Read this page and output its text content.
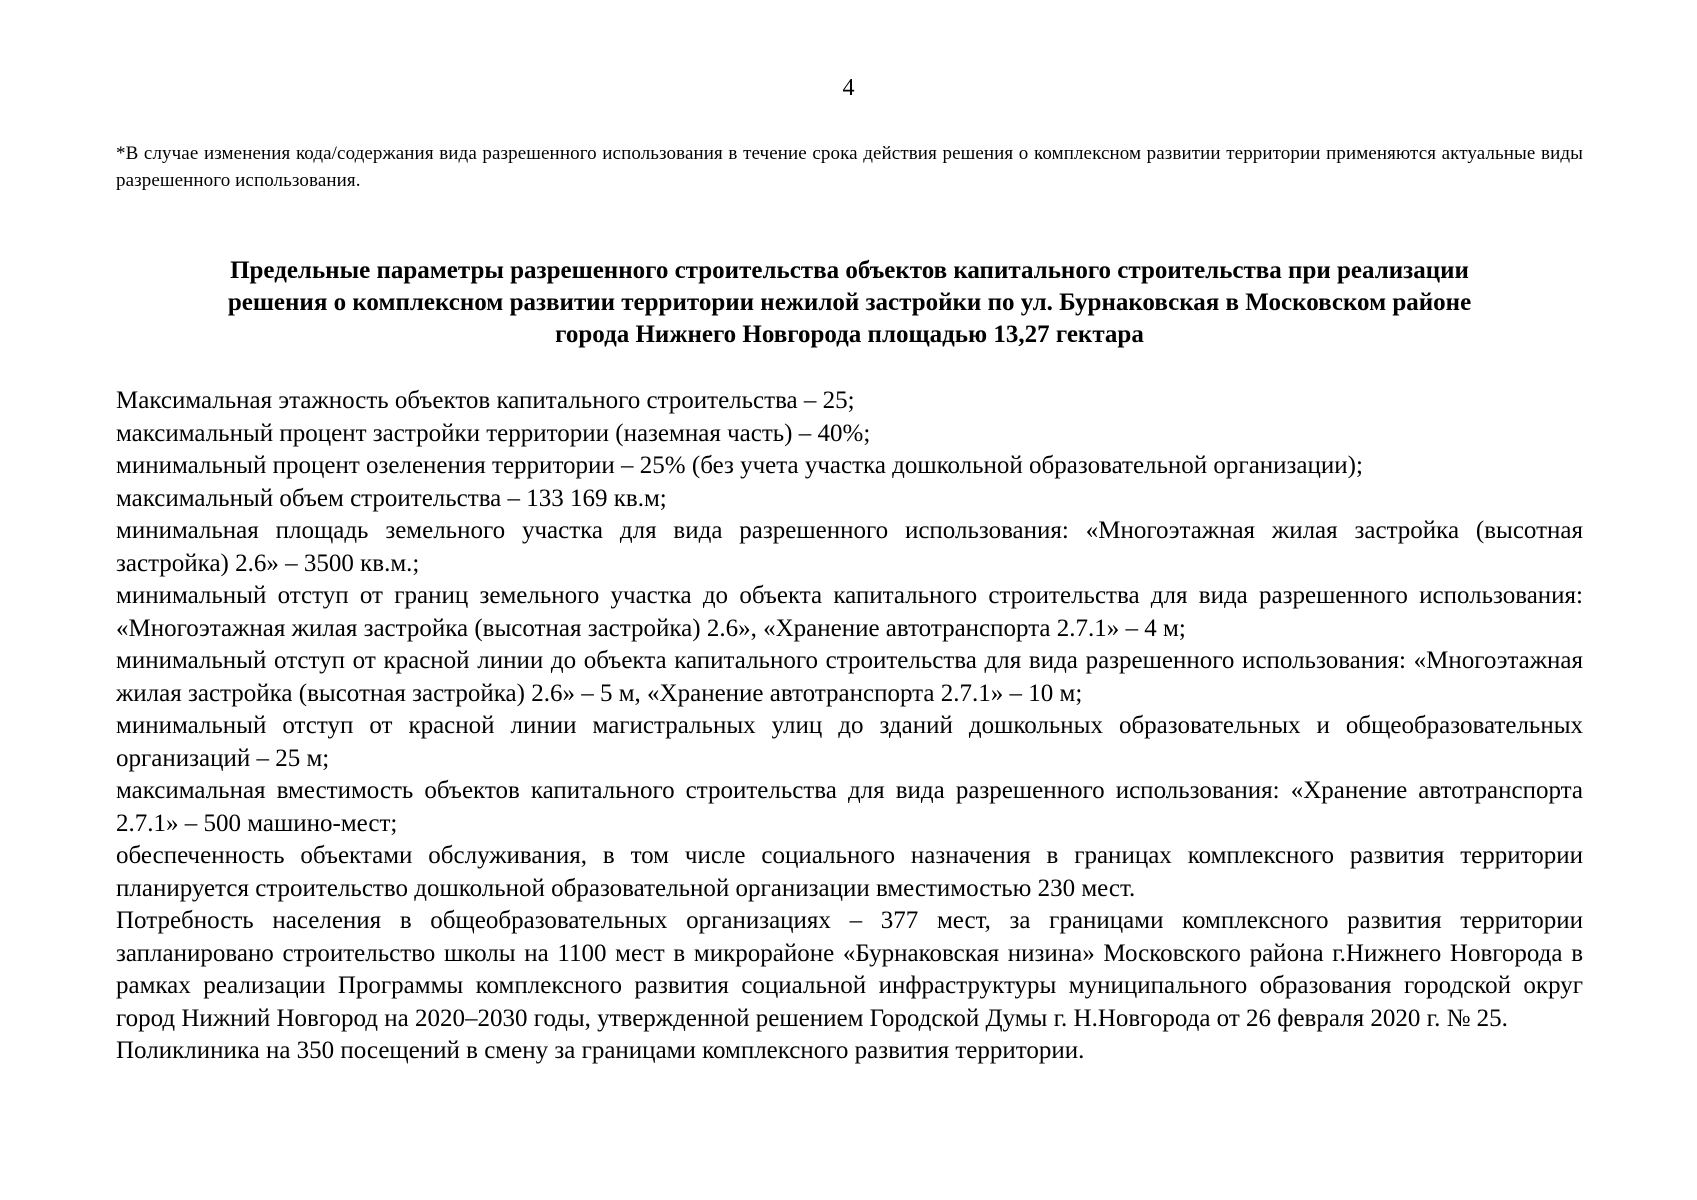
4
*В случае изменения кода/содержания вида разрешенного использования в течение срока действия решения о комплексном развитии территории применяются актуальные виды разрешенного использования.
Предельные параметры разрешенного строительства объектов капитального строительства при реализации
решения о комплексном развитии территории нежилой застройки по ул. Бурнаковская в Московском районе
города Нижнего Новгорода площадью 13,27 гектара

Максимальная этажность объектов капитального строительства – 25;

максимальный процент застройки территории (наземная часть) – 40%;

минимальный процент озеленения территории – 25% (без учета участка дошкольной образовательной организации);

максимальный объем строительства – 133 169 кв.м;

минимальная площадь земельного участка для вида разрешенного использования: «Многоэтажная жилая застройка (высотная застройка) 2.6» – 3500 кв.м.;

минимальный отступ от границ земельного участка до объекта капитального строительства для вида разрешенного использования: «Многоэтажная жилая застройка (высотная застройка) 2.6», «Хранение автотранспорта 2.7.1» – 4 м;

минимальный отступ от красной линии до объекта капитального строительства для вида разрешенного использования: «Многоэтажная жилая застройка (высотная застройка) 2.6» – 5 м, «Хранение автотранспорта 2.7.1» – 10 м;

минимальный отступ от красной линии магистральных улиц до зданий дошкольных образовательных и общеобразовательных организаций – 25 м;

максимальная вместимость объектов капитального строительства для вида разрешенного использования: «Хранение автотранспорта 2.7.1» – 500 машино-мест;

обеспеченность объектами обслуживания, в том числе социального назначения в границах комплексного развития территории планируется строительство дошкольной образовательной организации вместимостью 230 мест.

Потребность населения в общеобразовательных организациях – 377 мест, за границами комплексного развития территории запланировано строительство школы на 1100 мест в микрорайоне «Бурнаковская низина» Московского района г.Нижнего Новгорода в рамках реализации Программы комплексного развития социальной инфраструктуры муниципального образования городской округ город Нижний Новгород на 2020–2030 годы, утвержденной решением Городской Думы г. Н.Новгорода от 26 февраля 2020 г. № 25.

Поликлиника на 350 посещений в смену за границами комплексного развития территории.
